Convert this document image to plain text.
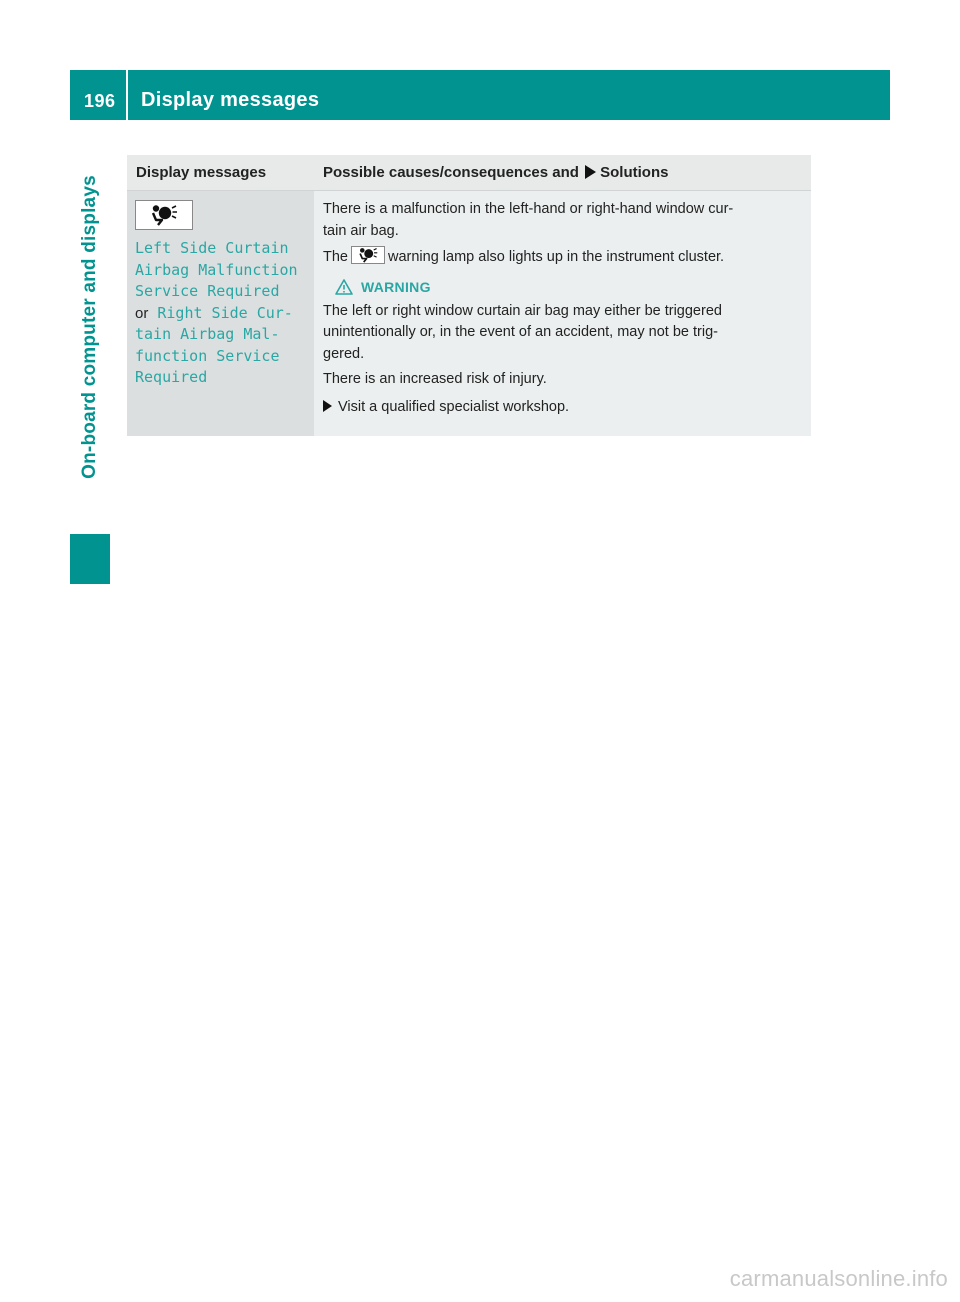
196 Display messages
On-board computer and displays
Display messages	Possible causes/consequences and Solutions
Left Side Curtain
Airbag Malfunction
Service Required
or Right Side Cur‑
tain Airbag Mal‑
function Service
Required
There is a malfunction in the left-hand or right-hand window cur-
tain air bag.
The	warning lamp also lights up in the instrument cluster.
WARNING
The left or right window curtain air bag may either be triggered
unintentionally or, in the event of an accident, may not be trig-
gered.
There is an increased risk of injury.
Visit a qualified specialist workshop.
carmanualsonline.info
